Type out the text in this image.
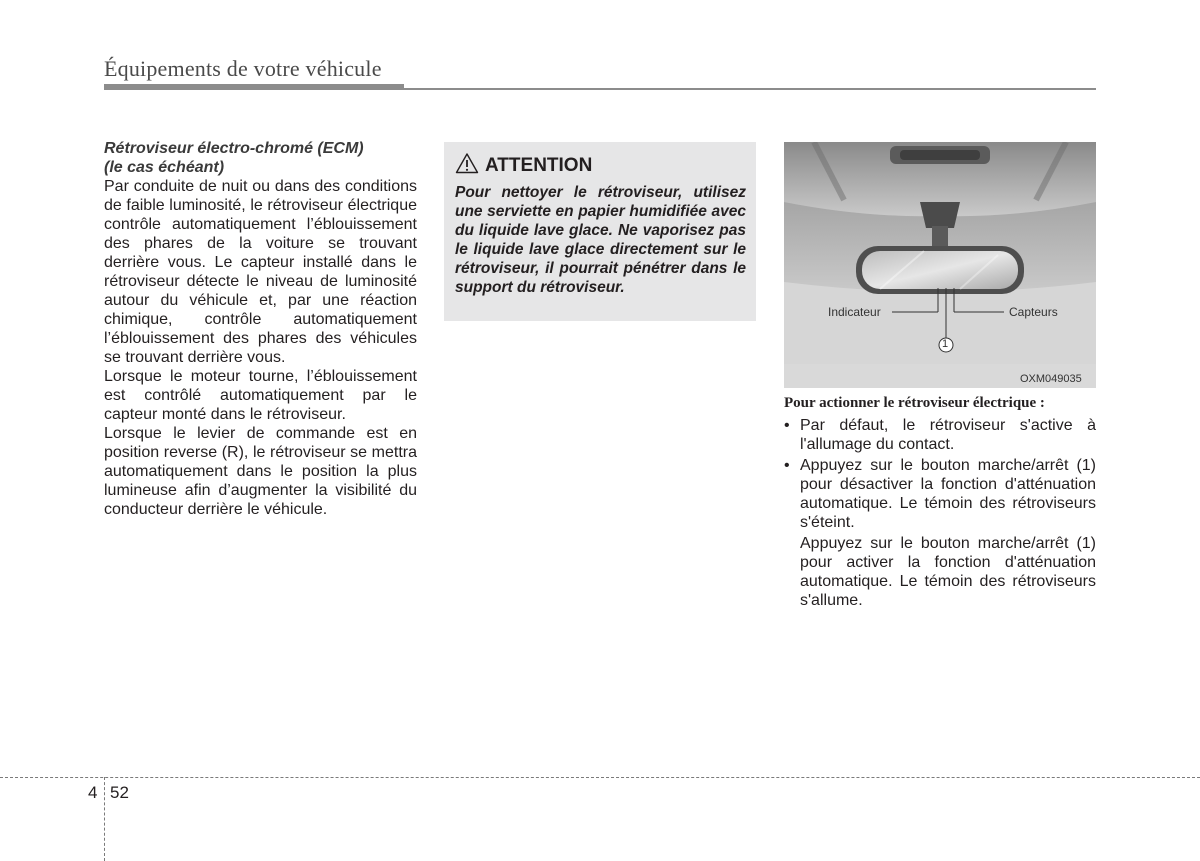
Équipements de votre véhicule

Rétroviseur électro-chromé (ECM)

(le cas échéant)

Par conduite de nuit ou dans des conditions de faible luminosité, le rétroviseur électrique contrôle automatiquement l’éblouissement des phares de la voiture se trouvant derrière vous. Le capteur installé dans le rétroviseur détecte le niveau de luminosité autour du véhicule et, par une réaction chimique, contrôle automatiquement l’éblouissement des phares des véhicules se trouvant derrière vous.

Lorsque le moteur tourne, l’éblouissement est contrôlé automatiquement par le capteur monté dans le rétroviseur.

Lorsque le levier de commande est en position reverse (R), le rétroviseur se mettra automatiquement dans le position la plus lumineuse afin d’augmenter la visibilité du conducteur derrière le véhicule.

ATTENTION
Pour nettoyer le rétroviseur, utilisez une serviette en papier humidifiée avec du liquide lave glace. Ne vaporisez pas le liquide lave glace directement sur le rétroviseur, il pourrait pénétrer dans le support du rétroviseur.
Indicateur	Capteurs
1
OXM049035

Pour actionner le rétroviseur électrique :

• Par défaut, le rétroviseur s'active à l'allumage du contact.
• Appuyez sur le bouton marche/arrêt (1) pour désactiver la fonction d'atténuation automatique. Le témoin des rétroviseurs s'éteint.
Appuyez sur le bouton marche/arrêt (1) pour activer la fonction d'atténuation automatique. Le témoin des rétroviseurs s'allume.
4 52
